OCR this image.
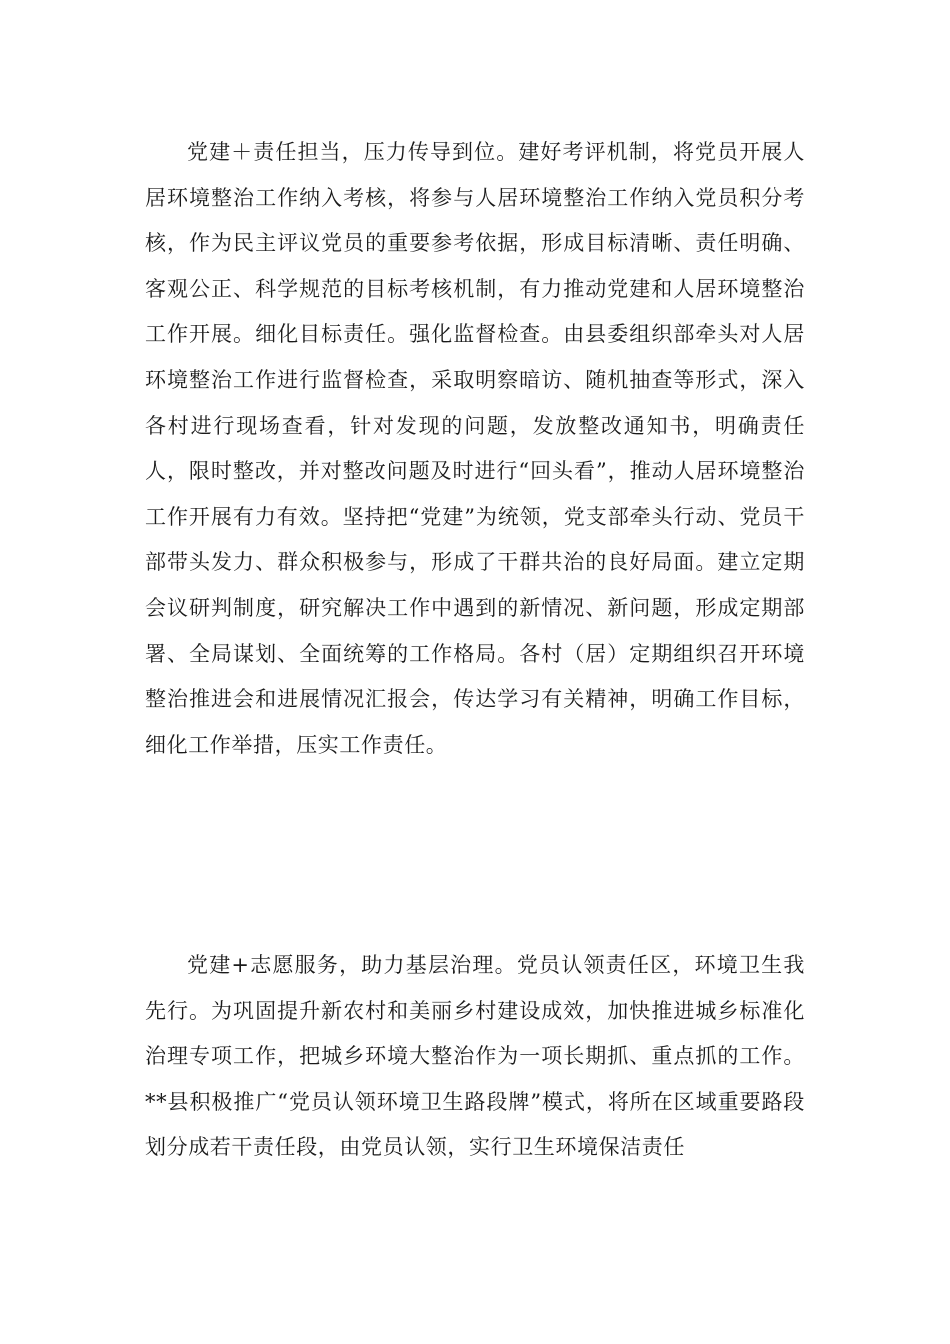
党建＋责任担当，压力传导到位。建好考评机制，将党员开展人居环境整治工作纳入考核，将参与人居环境整治工作纳入党员积分考核，作为民主评议党员的重要参考依据，形成目标清晰、责任明确、客观公正、科学规范的目标考核机制，有力推动党建和人居环境整治工作开展。细化目标责任。强化监督检查。由县委组织部牵头对人居环境整治工作进行监督检查，采取明察暗访、随机抽查等形式，深入各村进行现场查看，针对发现的问题，发放整改通知书，明确责任人，限时整改，并对整改问题及时进行“回头看”，推动人居环境整治工作开展有力有效。坚持把“党建”为统领，党支部牵头行动、党员干部带头发力、群众积极参与，形成了干群共治的良好局面。建立定期会议研判制度，研究解决工作中遇到的新情况、新问题，形成定期部署、全局谋划、全面统筹的工作格局。各村（居）定期组织召开环境整治推进会和进展情况汇报会，传达学习有关精神，明确工作目标，细化工作举措，压实工作责任。

党建+志愿服务，助力基层治理。党员认领责任区，环境卫生我先行。为巩固提升新农村和美丽乡村建设成效，加快推进城乡标准化治理专项工作，把城乡环境大整治作为一项长期抓、重点抓的工作。**县积极推广“党员认领环境卫生路段牌”模式，将所在区域重要路段划分成若干责任段，由党员认领，实行卫生环境保洁责任
